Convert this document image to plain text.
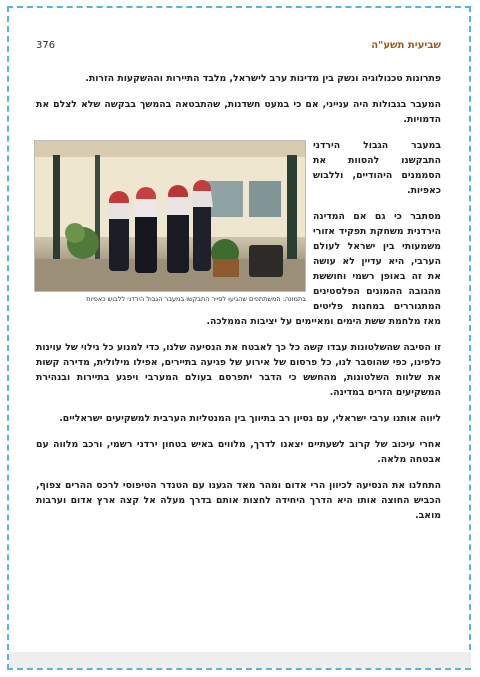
שביעית תשע"ה

376

פתרונות טכנולוגיה ונשק בין מדינות ערב לישראל, מלבד התיירות וההשקעות הזרות.

המעבר בגבולות היה ענייני, אם כי במעט חשדנות, שהתבטאה בהמשך בבקשה שלא לצלם את הדמויות.

בתמונה: המשתתפים שהגיעו לסייר התבקשו במעבר הגבול הירדני ללבוש כאפיות

במעבר הגבול הירדני התבקשנו להסוות את הסממנים היהודיים, וללבוש כאפיות.

מסתבר כי גם אם המדינה הירדנית משחקת תפקיד אזורי משמעותי בין ישראל לעולם הערבי, היא עדיין לא עושה את זה באופן רשמי וחוששת מהגובה ההמונים הפלסטינים המתגוררים במחנות פליטים מאז מלחמת ששת הימים ומאיימים על יציבות הממלכה.

זו הסיבה שהשלטונות עבדו קשה כל כך לאבטח את הנסיעה שלנו, כדי למנוע כל גילוי של עוינות כלפינו, כפי שהוסבר לנו, כל פרסום של אירוע של פגיעה בתיירים, אפילו מילולית, מדירה קשות את שלוות השלטונות, מהחשש כי הדבר יתפרסם בעולם המערבי ויפגע בתיירות ובנהירת המשקיעים הזרים במדינה.

ליווה אותנו ערבי ישראלי, עם נסיון רב בתיווך בין המנטליות הערבית למשקיעים ישראליים.

אחרי עיכוב של קרוב לשעתיים יצאנו לדרך, מלווים באיש בטחון ירדני רשמי, ורכב מלווה עם אבטחה מלאה.

התחלנו את הנסיעה לכיוון הרי אדום ומהר מאד הגענו עם הטנדר הטיפוסי לרכס ההרים צפוף, הכביש החוצה אותו היא הדרך היחידה לחצות אותם בדרך מעלה אל קצה ארץ אדום וערבות מואב.
